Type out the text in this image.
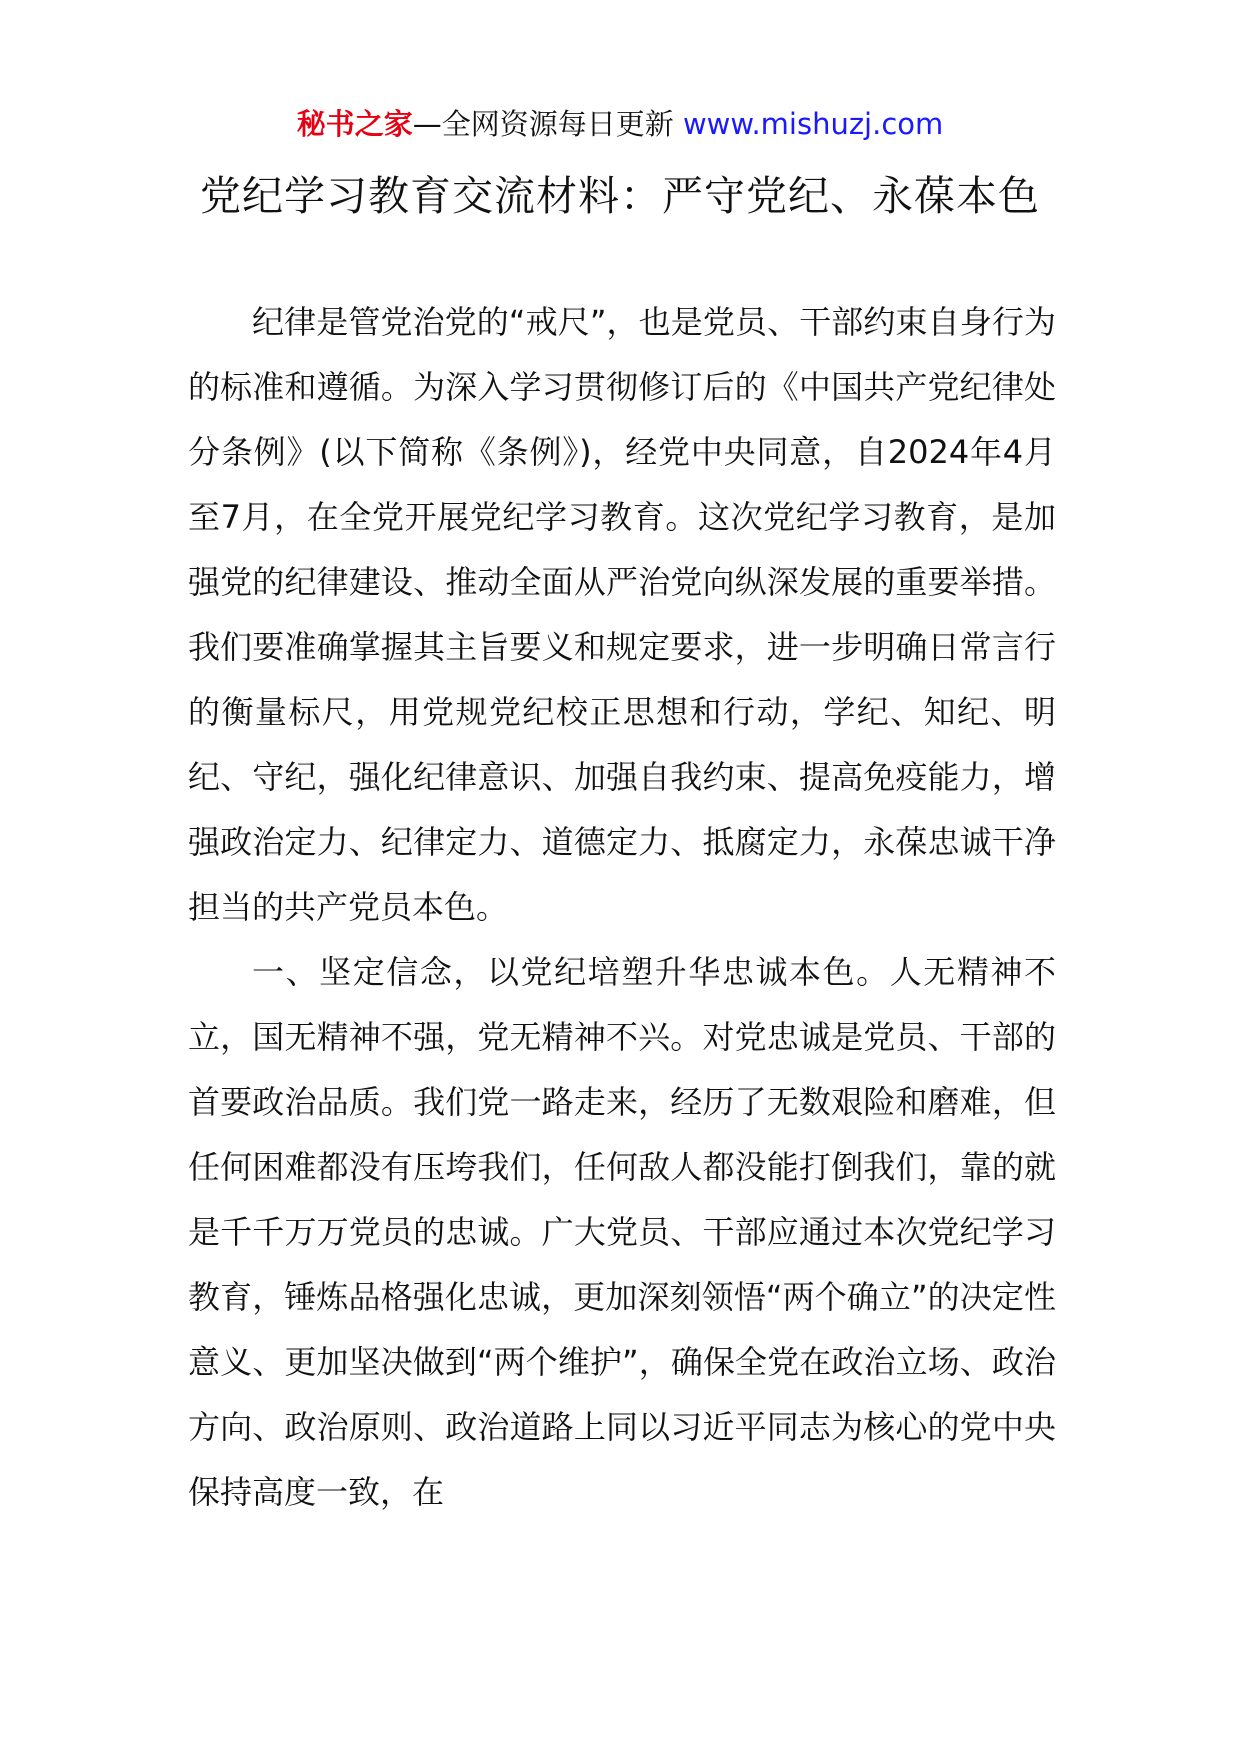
秘书之家—全网资源每日更新 www.mishuzj.com
党纪学习教育交流材料：严守党纪、永葆本色

纪律是管党治党的“戒尺”，也是党员、干部约束自身行为的标准和遵循。为深入学习贯彻修订后的《中国共产党纪律处分条例》(以下简称《条例》)，经党中央同意，自2024年4月至7月，在全党开展党纪学习教育。这次党纪学习教育，是加强党的纪律建设、推动全面从严治党向纵深发展的重要举措。我们要准确掌握其主旨要义和规定要求，进一步明确日常言行的衡量标尺，用党规党纪校正思想和行动，学纪、知纪、明纪、守纪，强化纪律意识、加强自我约束、提高免疫能力，增强政治定力、纪律定力、道德定力、抵腐定力，永葆忠诚干净担当的共产党员本色。

一、坚定信念，以党纪培塑升华忠诚本色。人无精神不立，国无精神不强，党无精神不兴。对党忠诚是党员、干部的首要政治品质。我们党一路走来，经历了无数艰险和磨难，但任何困难都没有压垮我们，任何敌人都没能打倒我们，靠的就是千千万万党员的忠诚。广大党员、干部应通过本次党纪学习教育，锤炼品格强化忠诚，更加深刻领悟“两个确立”的决定性意义、更加坚决做到“两个维护”，确保全党在政治立场、政治方向、政治原则、政治道路上同以习近平同志为核心的党中央保持高度一致，在
